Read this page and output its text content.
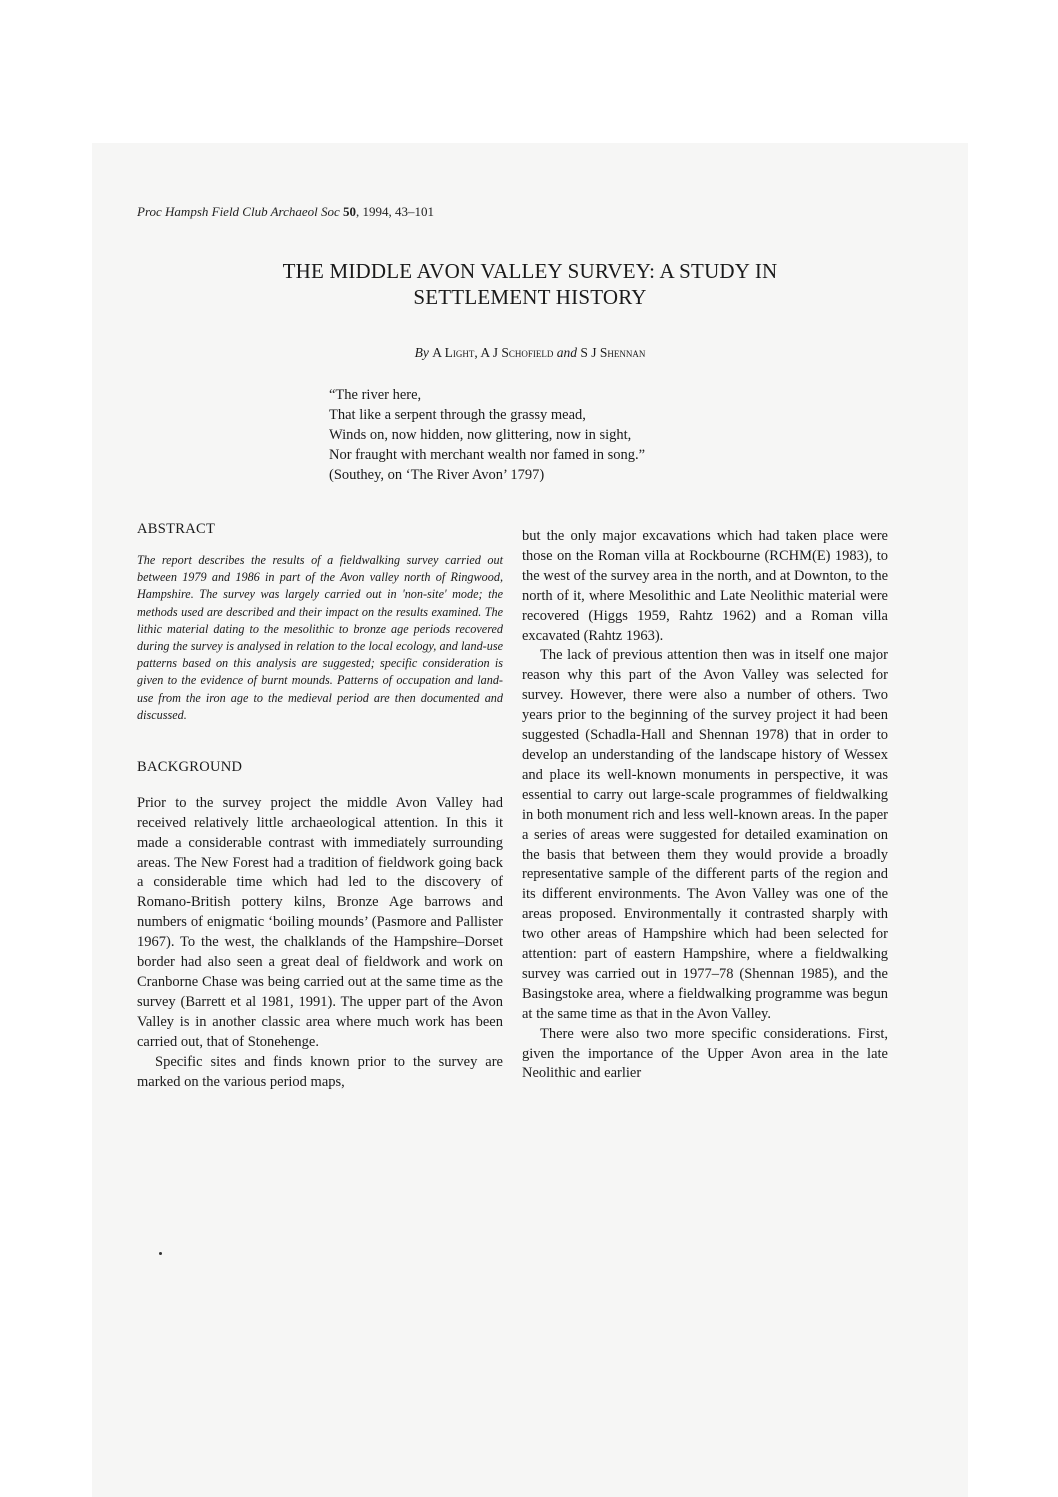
Proc Hampsh Field Club Archaeol Soc 50, 1994, 43–101
THE MIDDLE AVON VALLEY SURVEY: A STUDY IN
SETTLEMENT HISTORY
By A Light, A J Schofield and S J Shennan
“The river here,
That like a serpent through the grassy mead,
Winds on, now hidden, now glittering, now in sight,
Nor fraught with merchant wealth nor famed in song.”
(Southey, on ‘The River Avon’ 1797)
ABSTRACT

The report describes the results of a fieldwalking survey carried out between 1979 and 1986 in part of the Avon valley north of Ringwood, Hampshire. The survey was largely carried out in 'non-site' mode; the methods used are described and their impact on the results examined. The lithic material dating to the mesolithic to bronze age periods recovered during the survey is analysed in relation to the local ecology, and land-use patterns based on this analysis are suggested; specific consideration is given to the evidence of burnt mounds. Patterns of occupation and land-use from the iron age to the medieval period are then documented and discussed.

BACKGROUND

Prior to the survey project the middle Avon Valley had received relatively little archaeological attention. In this it made a considerable contrast with immediately surrounding areas. The New Forest had a tradition of fieldwork going back a considerable time which had led to the discovery of Romano-British pottery kilns, Bronze Age barrows and numbers of enigmatic ‘boiling mounds’ (Pasmore and Pallister 1967). To the west, the chalklands of the Hampshire–Dorset border had also seen a great deal of fieldwork and work on Cranborne Chase was being carried out at the same time as the survey (Barrett et al 1981, 1991). The upper part of the Avon Valley is in another classic area where much work has been carried out, that of Stonehenge.

Specific sites and finds known prior to the survey are marked on the various period maps,

but the only major excavations which had taken place were those on the Roman villa at Rockbourne (RCHM(E) 1983), to the west of the survey area in the north, and at Downton, to the north of it, where Mesolithic and Late Neolithic material were recovered (Higgs 1959, Rahtz 1962) and a Roman villa excavated (Rahtz 1963).

The lack of previous attention then was in itself one major reason why this part of the Avon Valley was selected for survey. However, there were also a number of others. Two years prior to the beginning of the survey project it had been suggested (Schadla-Hall and Shennan 1978) that in order to develop an understanding of the landscape history of Wessex and place its well-known monuments in perspective, it was essential to carry out large-scale programmes of fieldwalking in both monument rich and less well-known areas. In the paper a series of areas were suggested for detailed examination on the basis that between them they would provide a broadly representative sample of the different parts of the region and its different environments. The Avon Valley was one of the areas proposed. Environmentally it contrasted sharply with two other areas of Hampshire which had been selected for attention: part of eastern Hampshire, where a fieldwalking survey was carried out in 1977–78 (Shennan 1985), and the Basingstoke area, where a fieldwalking programme was begun at the same time as that in the Avon Valley.

There were also two more specific considerations. First, given the importance of the Upper Avon area in the late Neolithic and earlier
